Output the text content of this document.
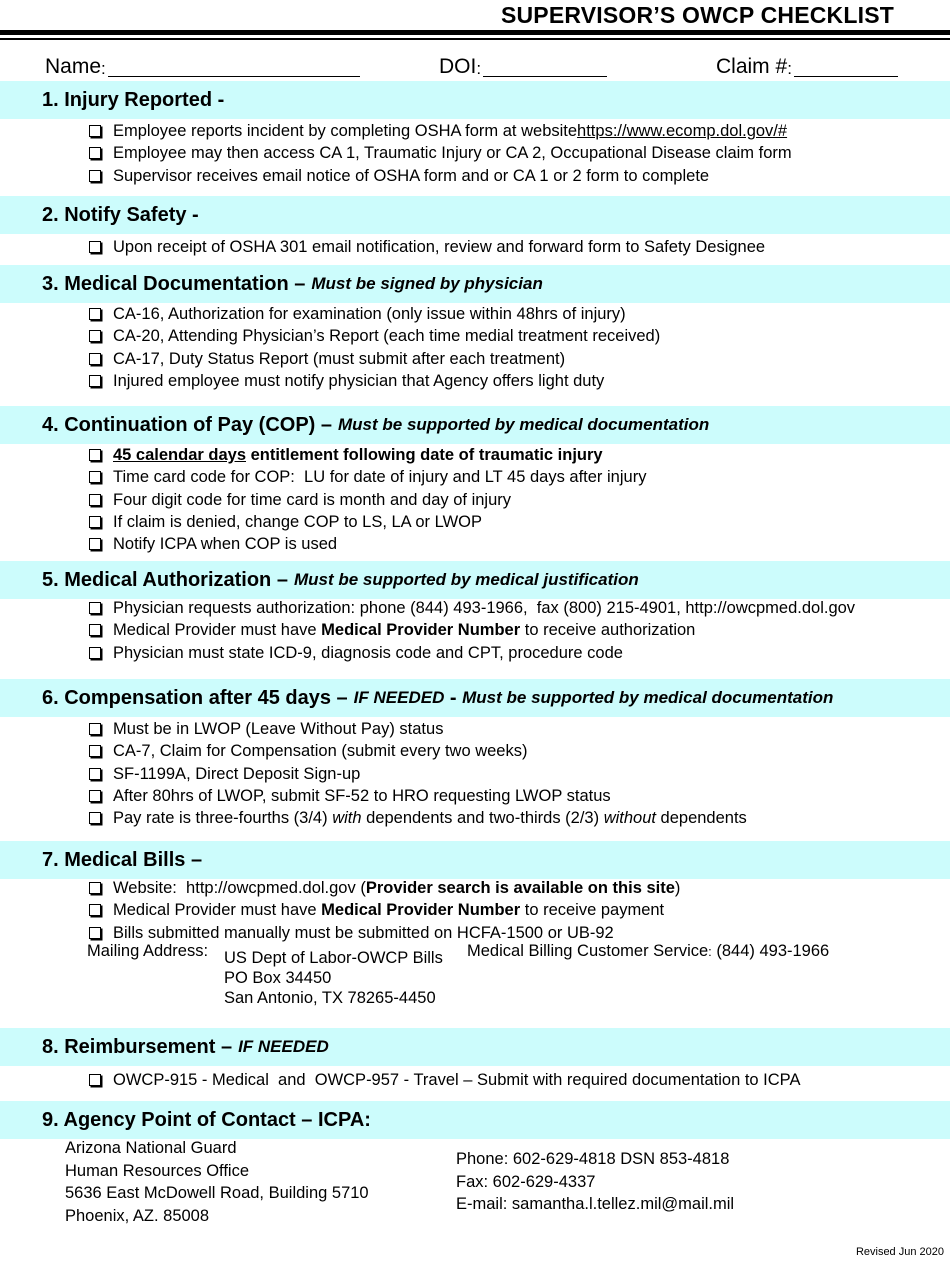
SUPERVISOR’S OWCP CHECKLIST
Name :	DOI :	Claim # :
1. Injury Reported -
Employee reports incident by completing OSHA form at website https://www.ecomp.dol.gov/#
Employee may then access CA 1, Traumatic Injury or CA 2, Occupational Disease claim form
Supervisor receives email notice of OSHA form and or CA 1 or 2 form to complete
2. Notify Safety -
Upon receipt of OSHA 301 email notification, review and forward form to Safety Designee
3. Medical Documentation – Must be signed by physician
CA-16, Authorization for examination (only issue within 48hrs of injury)
CA-20, Attending Physician’s Report (each time medial treatment received)
CA-17, Duty Status Report (must submit after each treatment)
Injured employee must notify physician that Agency offers light duty
4. Continuation of Pay (COP) – Must be supported by medical documentation
45 calendar days entitlement following date of traumatic injury
Time card code for COP:  LU for date of injury and LT 45 days after injury
Four digit code for time card is month and day of injury
If claim is denied, change COP to LS, LA or LWOP
Notify ICPA when COP is used
5. Medical Authorization – Must be supported by medical justification
Physician requests authorization: phone (844) 493-1966,  fax (800) 215-4901, http://owcpmed.dol.gov
Medical Provider must have Medical Provider Number to receive authorization
Physician must state ICD-9, diagnosis code and CPT, procedure code
6. Compensation after 45 days – IF NEEDED - Must be supported by medical documentation
Must be in LWOP (Leave Without Pay) status
CA-7, Claim for Compensation (submit every two weeks)
SF-1199A, Direct Deposit Sign-up
After 80hrs of LWOP, submit SF-52 to HRO requesting LWOP status
Pay rate is three-fourths (3/4) with dependents and two-thirds (2/3) without dependents
7. Medical Bills –
Website:  http://owcpmed.dol.gov ( Provider search is available on this site )
Medical Provider must have Medical Provider Number to receive payment
Bills submitted manually must be submitted on HCFA-1500 or UB-92
Mailing Address: US Dept of Labor-OWCP Bills
PO Box 34450
San Antonio, TX 78265-4450
Medical Billing Customer Service: (844) 493-1966
8. Reimbursement – IF NEEDED
OWCP-915 - Medical  and  OWCP-957 - Travel – Submit with required documentation to ICPA
9. Agency Point of Contact – ICPA:
Arizona National Guard
Human Resources Office
5636 East McDowell Road, Building 5710
Phoenix, AZ. 85008
Phone: 602-629-4818 DSN 853-4818
Fax: 602-629-4337
E-mail: samantha.l.tellez.mil@mail.mil
Revised Jun 2020
